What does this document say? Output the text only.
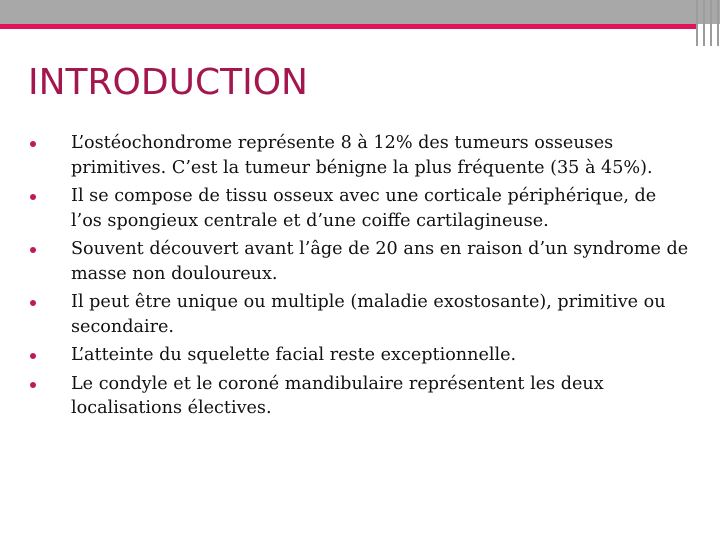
INTRODUCTION
L’ostéochondrome représente 8 à 12% des tumeurs osseuses primitives. C’est la tumeur bénigne la plus fréquente (35 à 45%).
Il se compose de tissu osseux avec une corticale périphérique, de l’os spongieux centrale et d’une coiffe cartilagineuse.
Souvent découvert avant l’âge de 20 ans en raison d’un syndrome de masse non douloureux.
Il peut être unique ou multiple (maladie exostosante), primitive ou secondaire.
L’atteinte du squelette facial reste exceptionnelle.
Le condyle et le coroné mandibulaire représentent les deux localisations électives.
